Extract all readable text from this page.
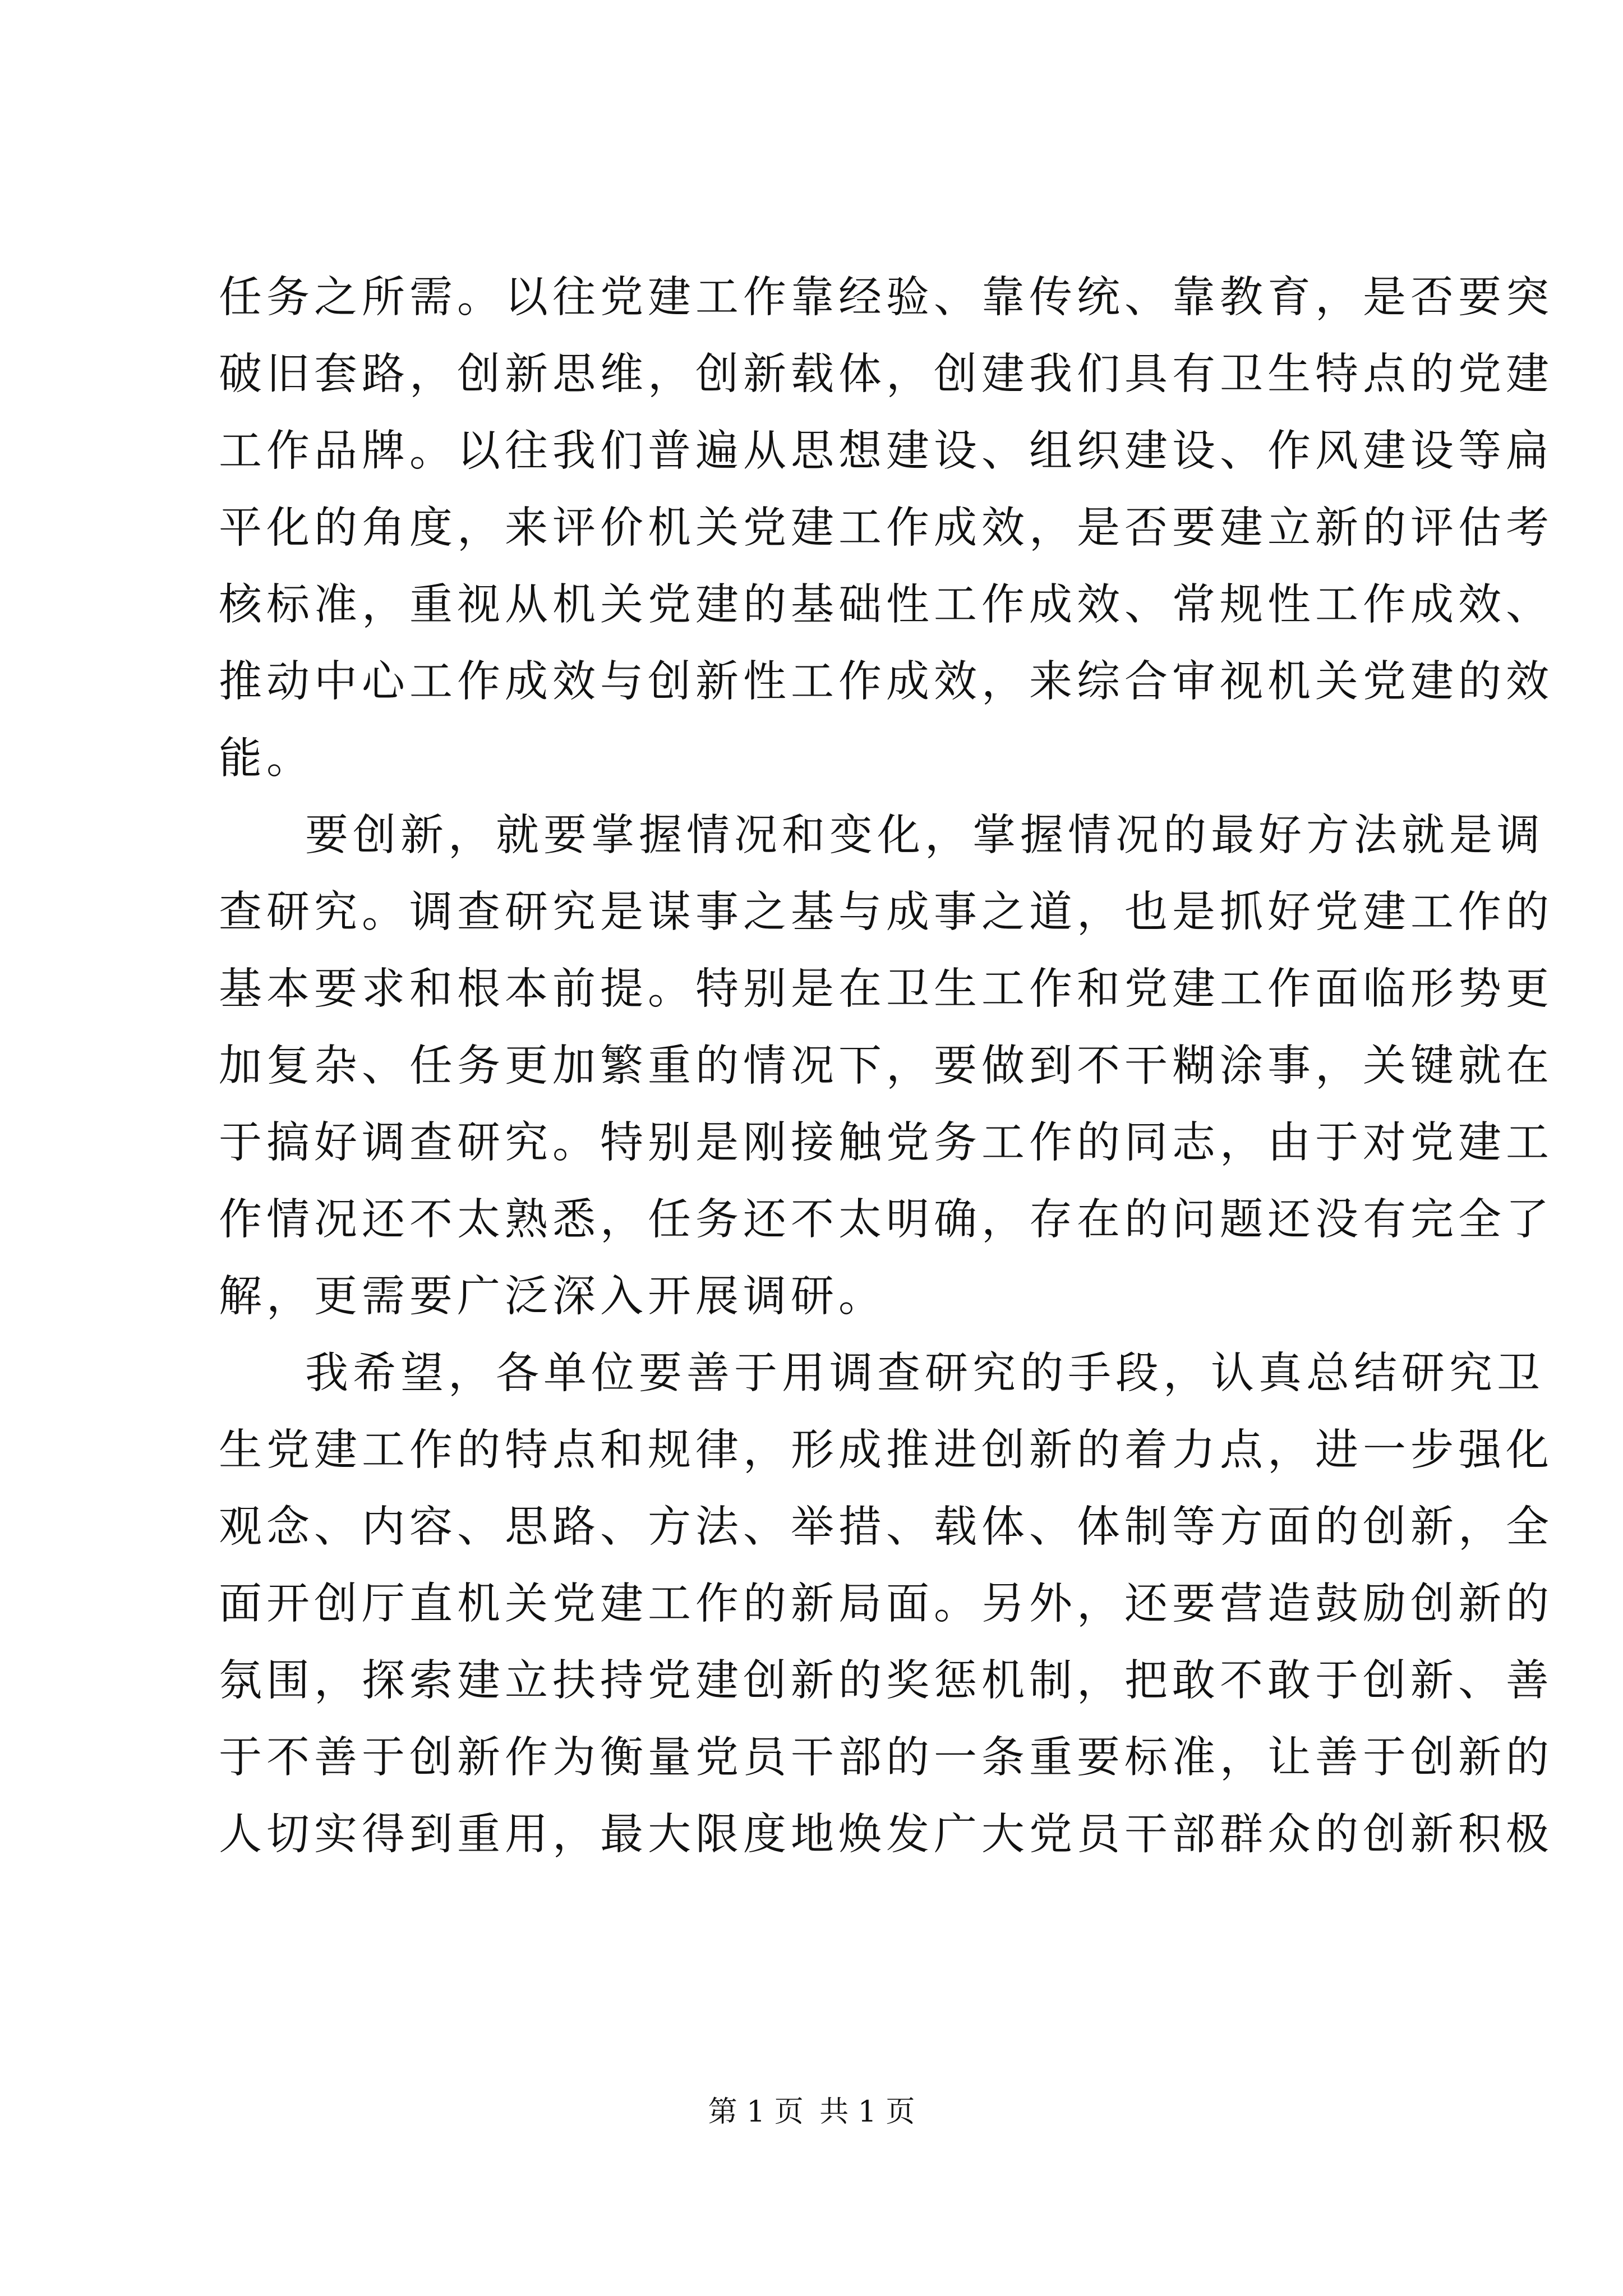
任务之所需。以往党建工作靠经验、靠传统、靠教育，是否要突
破旧套路，创新思维，创新载体，创建我们具有卫生特点的党建
工作品牌。以往我们普遍从思想建设、组织建设、作风建设等扁
平化的角度，来评价机关党建工作成效，是否要建立新的评估考
核标准，重视从机关党建的基础性工作成效、常规性工作成效、
推动中心工作成效与创新性工作成效，来综合审视机关党建的效
能。
要创新，就要掌握情况和变化，掌握情况的最好方法就是调
查研究。调查研究是谋事之基与成事之道，也是抓好党建工作的
基本要求和根本前提。特别是在卫生工作和党建工作面临形势更
加复杂、任务更加繁重的情况下，要做到不干糊涂事，关键就在
于搞好调查研究。特别是刚接触党务工作的同志，由于对党建工
作情况还不太熟悉，任务还不太明确，存在的问题还没有完全了
解，更需要广泛深入开展调研。
我希望，各单位要善于用调查研究的手段，认真总结研究卫
生党建工作的特点和规律，形成推进创新的着力点，进一步强化
观念、内容、思路、方法、举措、载体、体制等方面的创新，全
面开创厅直机关党建工作的新局面。另外，还要营造鼓励创新的
氛围，探索建立扶持党建创新的奖惩机制，把敢不敢于创新、善
于不善于创新作为衡量党员干部的一条重要标准，让善于创新的
人切实得到重用，最大限度地焕发广大党员干部群众的创新积极
第 1 页 共 1 页
